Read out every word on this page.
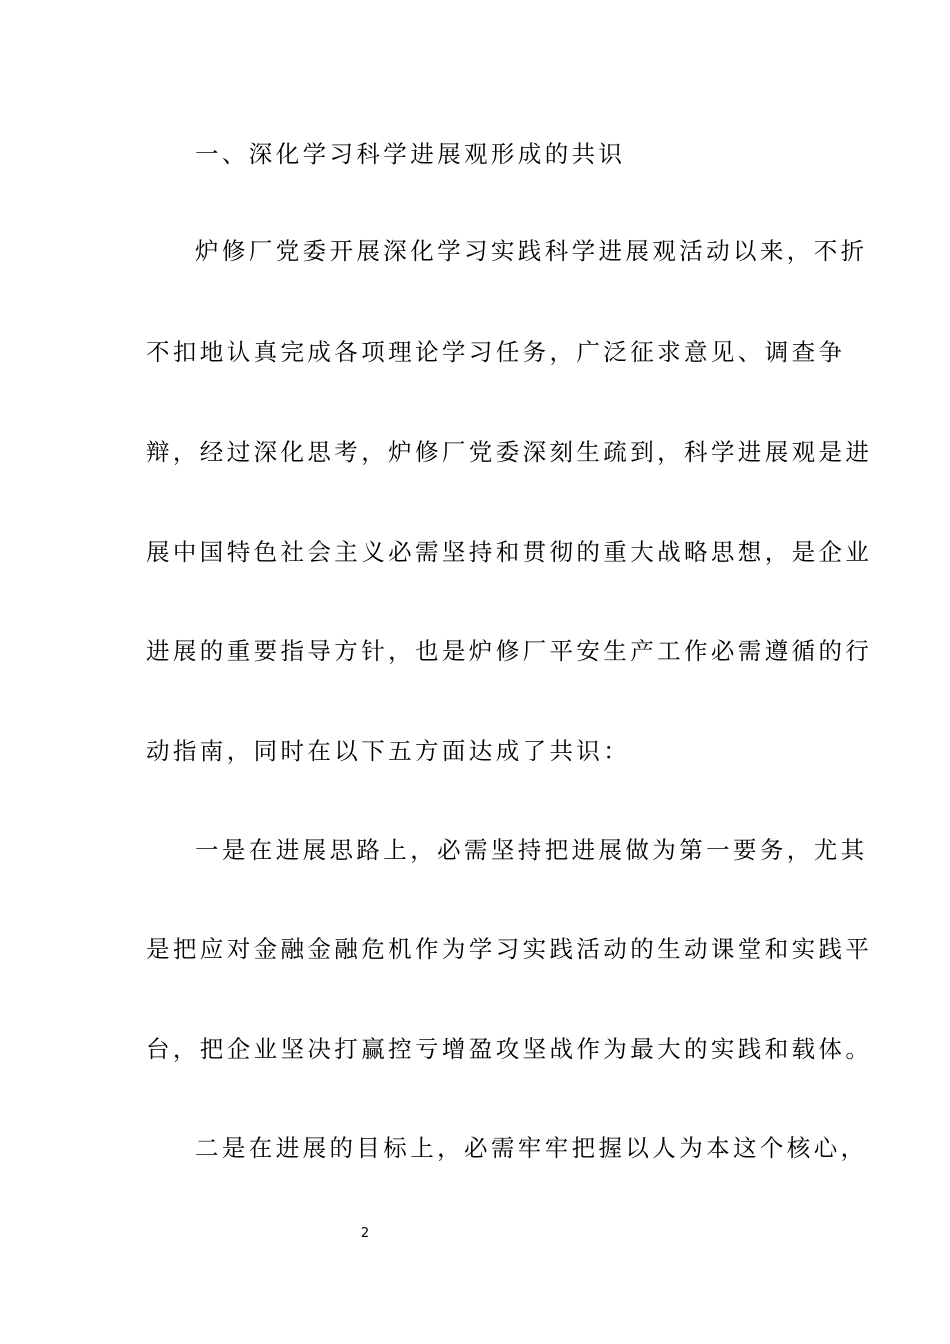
一、深化学习科学进展观形成的共识
炉修厂党委开展深化学习实践科学进展观活动以来，不折
不扣地认真完成各项理论学习任务，广泛征求意见、调查争
辩，经过深化思考，炉修厂党委深刻生疏到，科学进展观是进
展中国特色社会主义必需坚持和贯彻的重大战略思想，是企业
进展的重要指导方针，也是炉修厂平安生产工作必需遵循的行
动指南，同时在以下五方面达成了共识：
一是在进展思路上，必需坚持把进展做为第一要务，尤其
是把应对金融金融危机作为学习实践活动的生动课堂和实践平
台，把企业坚决打赢控亏增盈攻坚战作为最大的实践和载体。
二是在进展的目标上，必需牢牢把握以人为本这个核心，
2
